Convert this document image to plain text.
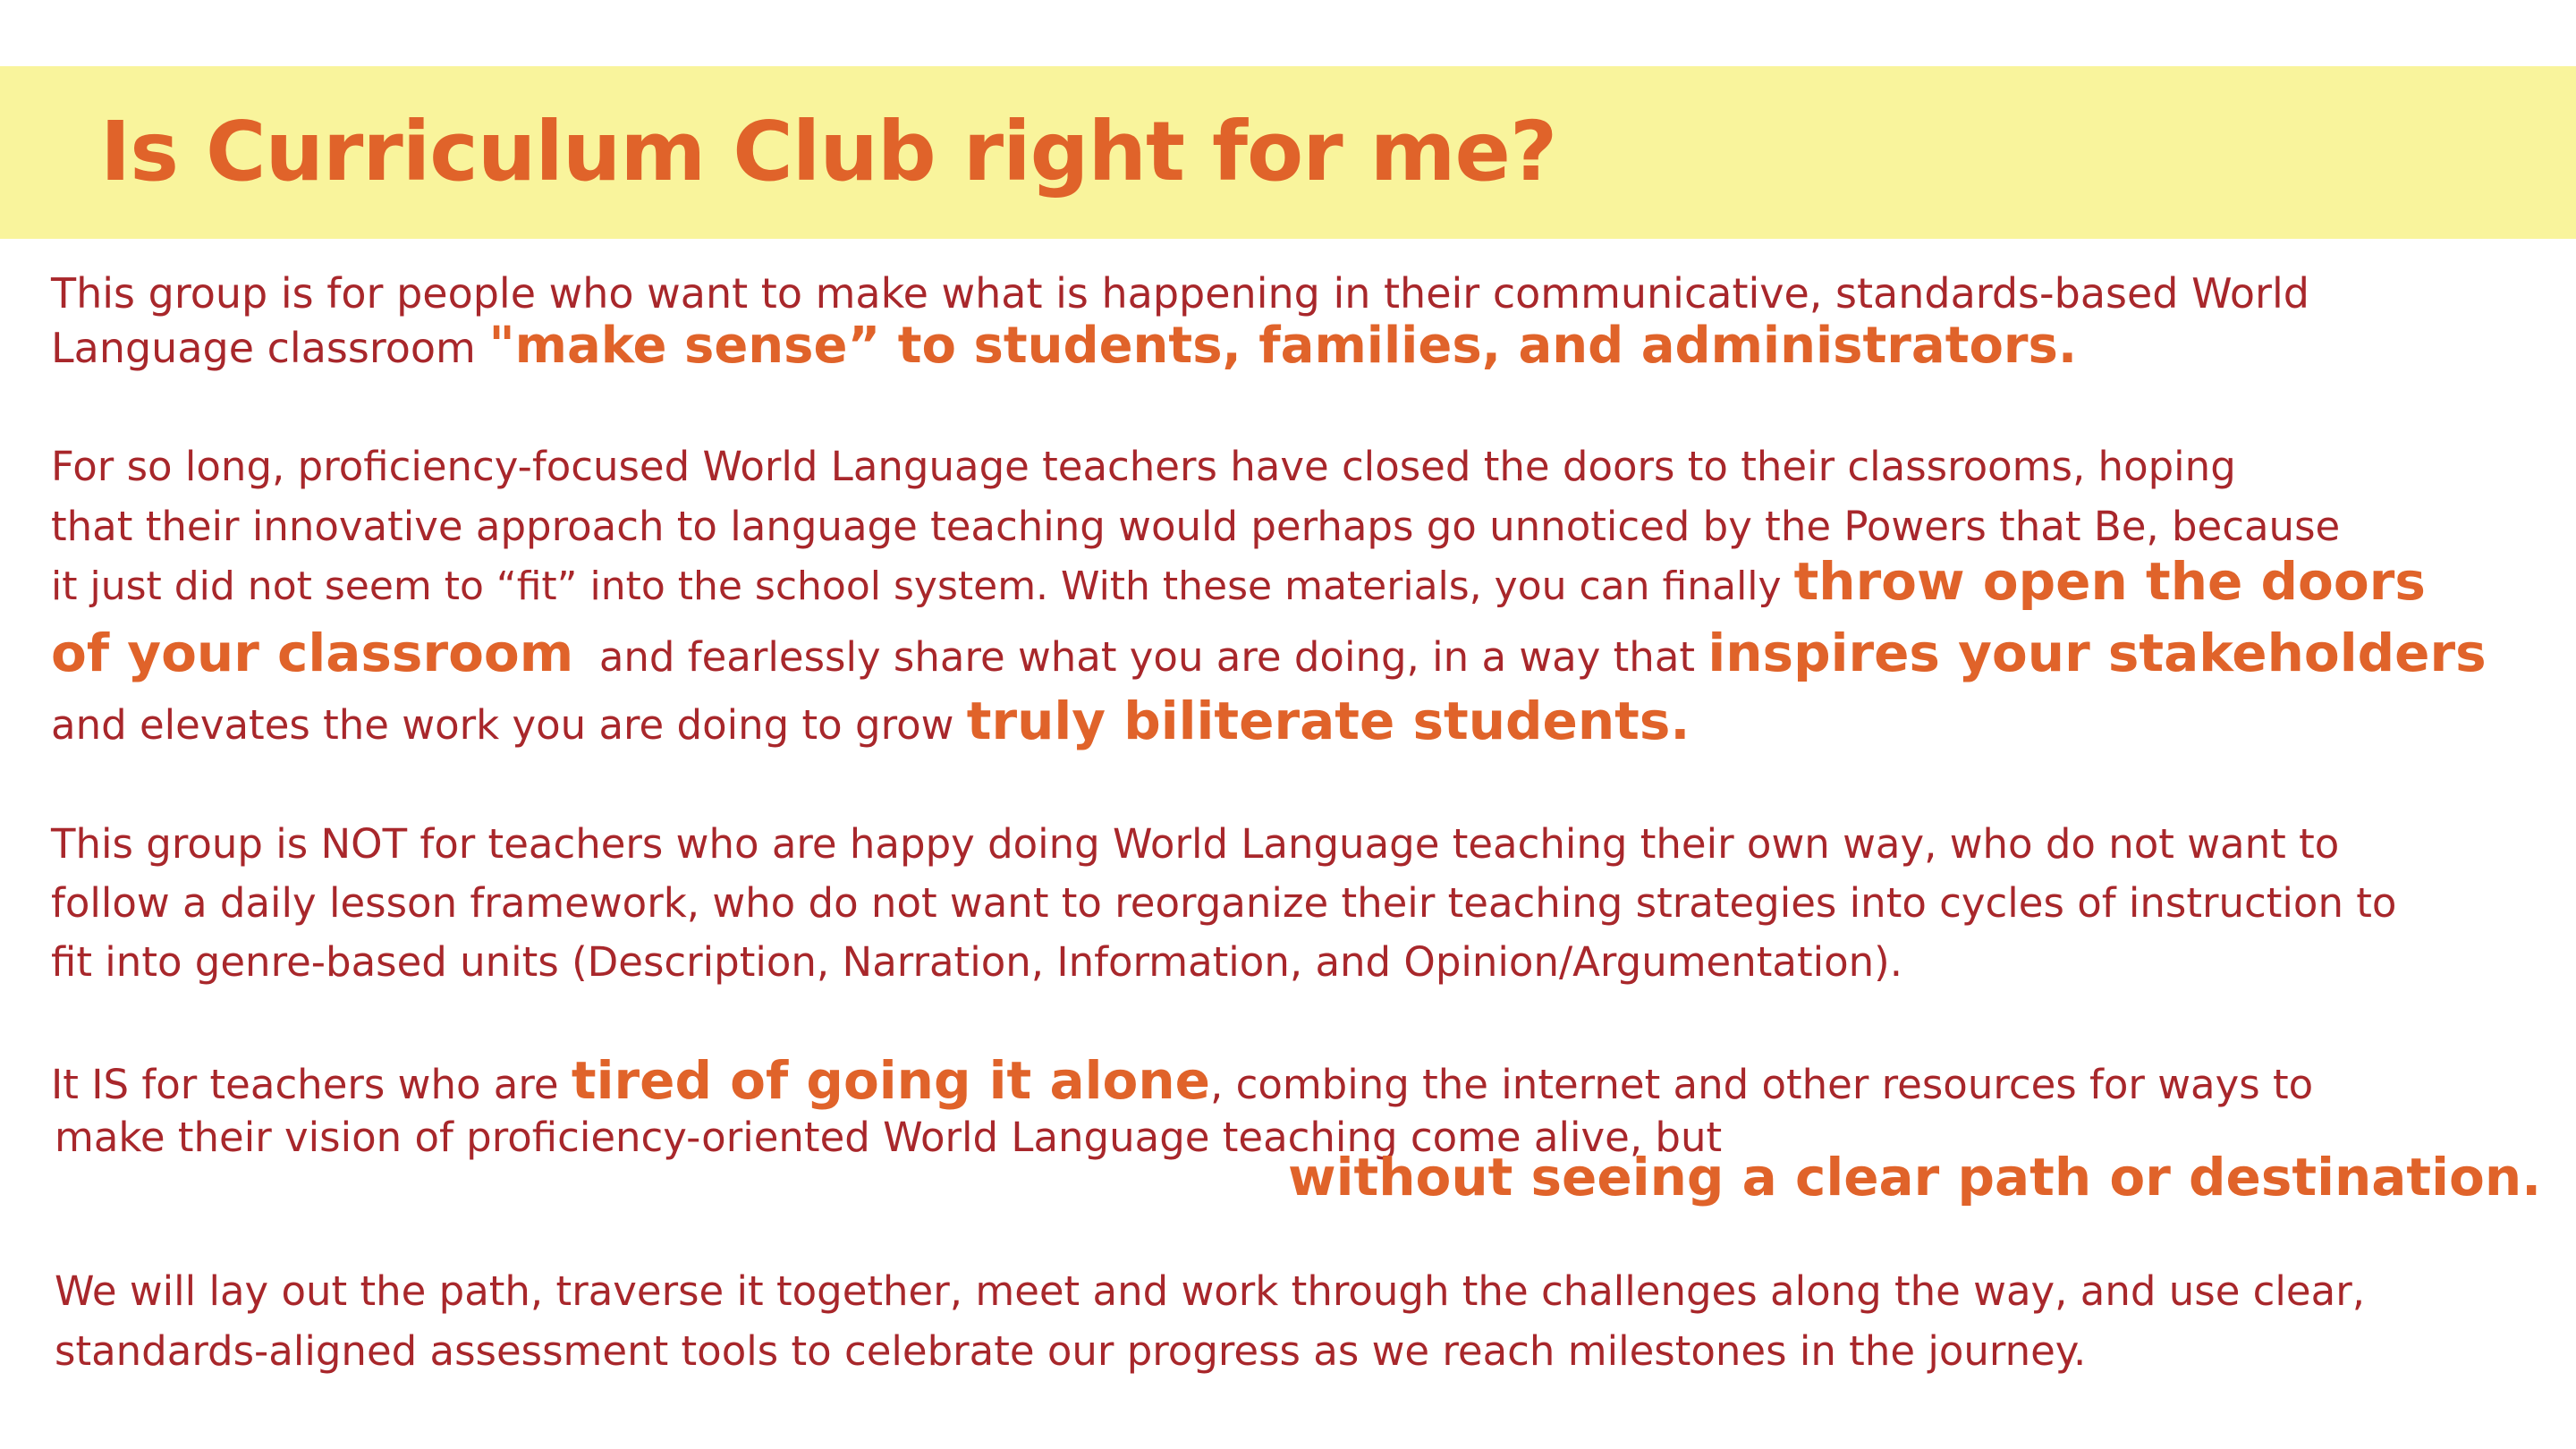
Is Curriculum Club right for me?

This group is for people who want to make what is happening in their communicative, standards-based World

Language classroom "make sense” to students, families, and administrators.

For so long, proficiency-focused World Language teachers have closed the doors to their classrooms, hoping

that their innovative approach to language teaching would perhaps go unnoticed by the Powers that Be, because

it just did not seem to “fit” into the school system. With these materials, you can finally throw open the doors

of your classroom and fearlessly share what you are doing, in a way that inspires your stakeholders

and elevates the work you are doing to grow truly biliterate students.

This group is NOT for teachers who are happy doing World Language teaching their own way, who do not want to

follow a daily lesson framework, who do not want to reorganize their teaching strategies into cycles of instruction to

fit into genre-based units (Description, Narration, Information, and Opinion/Argumentation).

It IS for teachers who are tired of going it alone, combing the internet and other resources for ways to

make their vision of proficiency-oriented World Language teaching come alive, but

without seeing a clear path or destination.

We will lay out the path, traverse it together, meet and work through the challenges along the way, and use clear,

standards-aligned assessment tools to celebrate our progress as we reach milestones in the journey.
